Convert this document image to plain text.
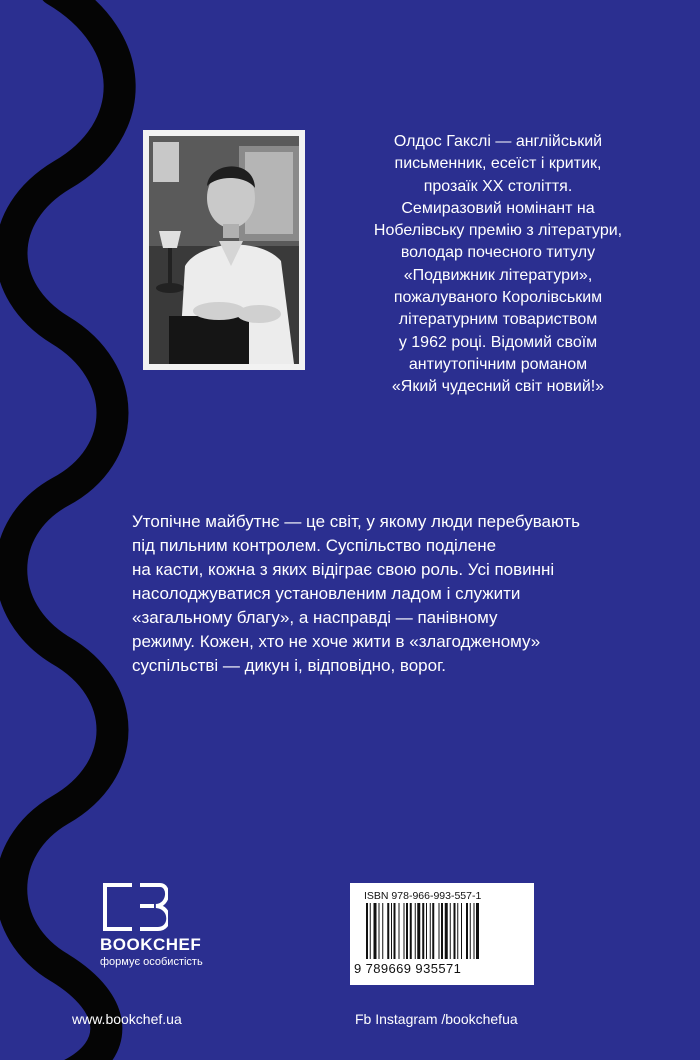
Олдос Гакслі — англійський
письменник, есеїст і критик,
прозаїк XX століття.
Семиразовий номінант на
Нобелівську премію з літератури,
володар почесного титулу
«Подвижник літератури»,
пожалуваного Королівським
літературним товариством
у 1962 році. Відомий своїм
антиутопічним романом
«Який чудесний світ новий!»
Утопічне майбутнє — це світ, у якому люди перебувають
під пильним контролем. Суспільство поділене
на касти, кожна з яких відіграє свою роль. Усі повинні
насолоджуватися установленим ладом і служити
«загальному благу», а насправді — панівному
режиму. Кожен, хто не хоче жити в «злагодженому»
суспільстві — дикун і, відповідно, ворог.
BOOKCHEF
формує особистість
www.bookchef.ua	Fb Instagram /bookchefua
ISBN 978-966-993-557-1
9 789669 935571
